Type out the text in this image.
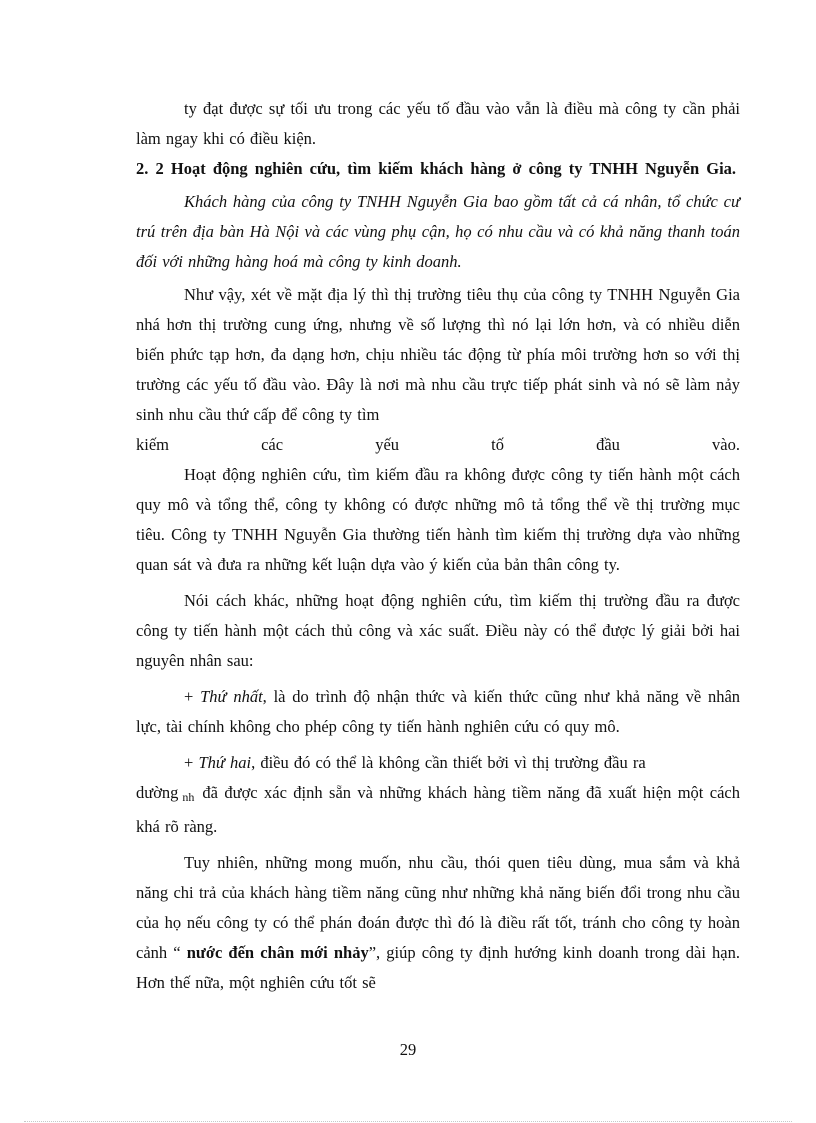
ty đạt được sự tối ưu trong các yếu tố đầu vào vẫn là điều mà công ty cần phải làm ngay khi có điều kiện.

2. 2 Hoạt động nghiên cứu, tìm kiếm khách hàng ở công ty TNHH Nguyễn Gia.

Khách hàng của công ty TNHH Nguyễn Gia bao gồm tất cả cá nhân, tổ chức cư trú trên địa bàn Hà Nội và các vùng phụ cận, họ có nhu cầu và có khả năng thanh toán đối với những hàng hoá mà công ty kinh doanh.

Như vậy, xét về mặt địa lý thì thị trường tiêu thụ của công ty TNHH Nguyễn Gia nhá hơn thị trường cung ứng, nhưng về số lượng thì nó lại lớn hơn, và có nhiều diễn biến phức tạp hơn, đa dạng hơn, chịu nhiều tác động từ phía môi trường hơn so với thị trường các yếu tố đầu vào. Đây là nơi mà nhu cầu trực tiếp phát sinh và nó sẽ làm nảy sinh nhu cầu thứ cấp để công ty tìm

kiếm các yếu tố đầu vào.

Hoạt động nghiên cứu, tìm kiếm đầu ra không được công ty tiến hành một cách quy mô và tổng thể, công ty không có được những mô tả tổng thể về thị trường mục tiêu. Công ty TNHH Nguyễn Gia thường tiến hành tìm kiếm thị trường dựa vào những quan sát và đưa ra những kết luận dựa vào ý kiến của bản thân công ty.

Nói cách khác, những hoạt động nghiên cứu, tìm kiếm thị trường đầu ra được công ty tiến hành một cách thủ công và xác suất. Điều này có thể được lý giải bởi hai nguyên nhân sau:

+ Thứ nhất, là do trình độ nhận thức và kiến thức cũng như khả năng về nhân lực, tài chính không cho phép công ty tiến hành nghiên cứu có quy mô.

+ Thứ hai, điều đó có thể là không cần thiết bởi vì thị trường đầu ra
dường $_{nh}$ đã được xác định sẵn và những khách hàng tiềm năng đã xuất hiện một cách khá rõ ràng.

Tuy nhiên, những mong muốn, nhu cầu, thói quen tiêu dùng, mua sắm và khả năng chi trả của khách hàng tiềm năng cũng như những khả năng biến đổi trong nhu cầu của họ nếu công ty có thể phán đoán được thì đó là điều rất tốt, tránh cho công ty hoàn cảnh “ nước đến chân mới nhảy”, giúp công ty định hướng kinh doanh trong dài hạn. Hơn thế nữa, một nghiên cứu tốt sẽ

29
